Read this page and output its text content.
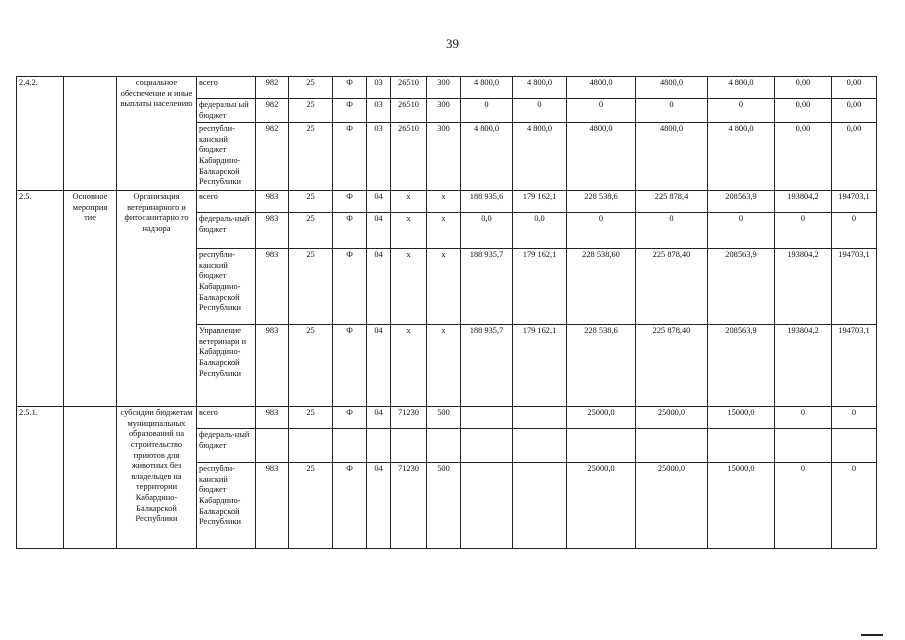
39
2.4.2.		социальное обеспечение и иные выплаты населению	всего	982	25	Ф	03	26510	300	4 800,0	4 800,0	4800,0	4800,0	4 800,0	0,00	0,00
			федеральн ый бюджет	982	25	Ф	03	26510	300	0	0	0	0	0	0,00	0,00
			республи-канский бюджет Кабардино-Балкарской Республики	982	25	Ф	03	26510	300	4 800,0	4 800,0	4800,0	4800,0	4 800,0	0,00	0,00
2.5.	Основное мероприя тие	Организация ветеринарного и фитосанитарно го надзора	всего	983	25	Ф	04	x	x	188 935,6	179 162,1	228 538,6	225 878,4	208563,9	193804,2	194703,1
			федераль-ный бюджет	983	25	Ф	04	x	x	0,0	0,0	0	0	0	0	0
			республи-канский бюджет Кабардино-Балкарской Республики	983	25	Ф	04	x	x	188 935,7	179 162,1	228 538,60	225 878,40	208563,9	193804,2	194703,1
			Управление ветеринари и Кабардино-Балкарской Республики	983	25	Ф	04	x	x	188 935,7	179 162,1	228 538,6	225 878,40	208563,9	193804,2	194703,1
2.5.1.		субсидии бюджетам муниципальных образований на строительство приютов для животных без владельцев на территории Кабардино-Балкарской Республики	всего	983	25	Ф	04	71230	500			25000,0	25000,0	15000,0	0	0
			федераль-ный бюджет													
			республи-канский бюджет Кабардино-Балкарской Республики	983	25	Ф	04	71230	500			25000,0	25000,0	15000,0	0	0
